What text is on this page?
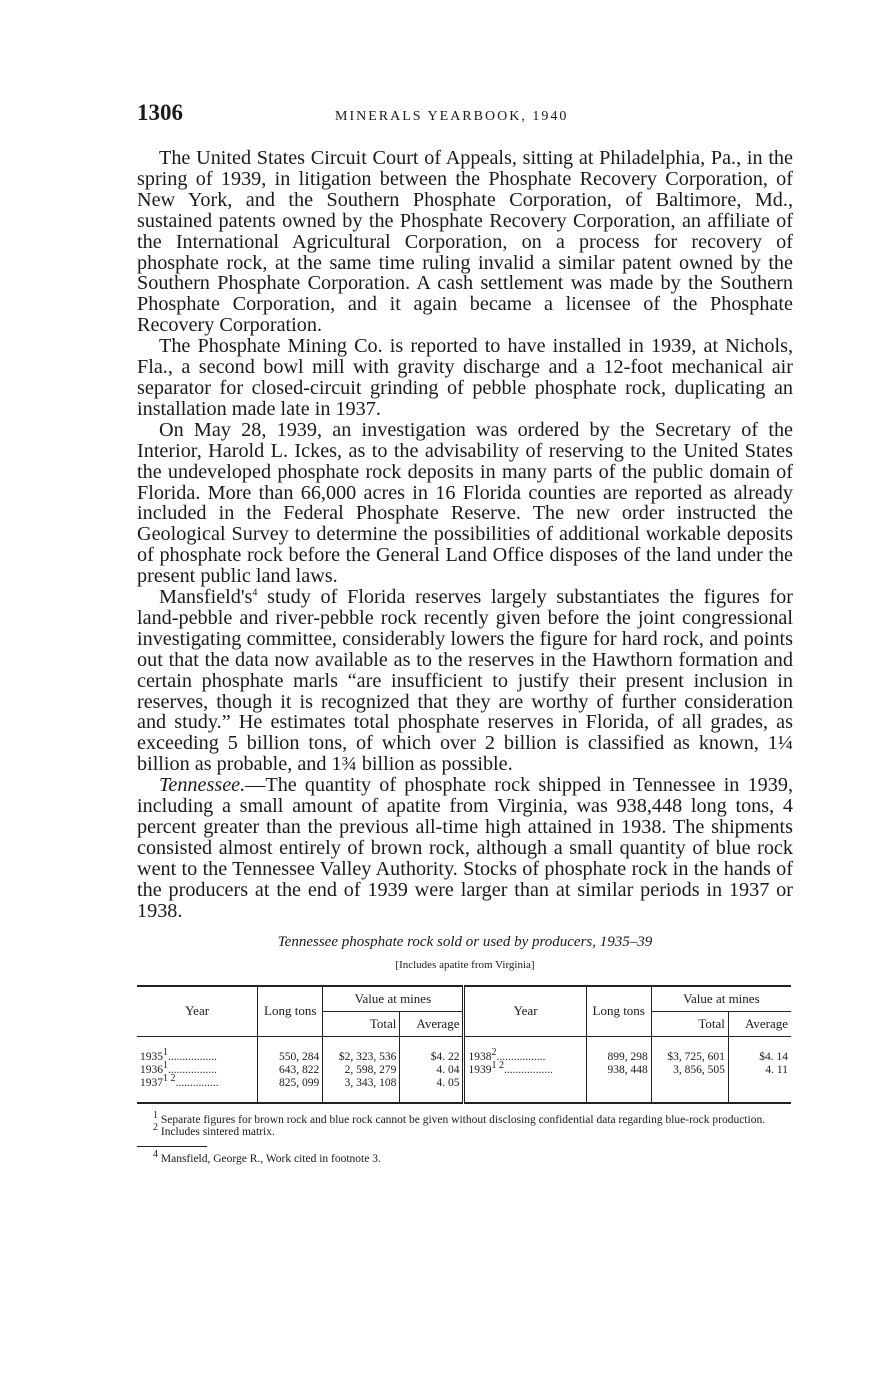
1306	MINERALS YEARBOOK, 1940

The United States Circuit Court of Appeals, sitting at Philadelphia, Pa., in the spring of 1939, in litigation between the Phosphate Recovery Corporation, of New York, and the Southern Phosphate Corporation, of Baltimore, Md., sustained patents owned by the Phosphate Recovery Corporation, an affiliate of the International Agricultural Corporation, on a process for recovery of phosphate rock, at the same time ruling invalid a similar patent owned by the Southern Phosphate Corporation. A cash settlement was made by the Southern Phosphate Corporation, and it again became a licensee of the Phosphate Recovery Corporation.

The Phosphate Mining Co. is reported to have installed in 1939, at Nichols, Fla., a second bowl mill with gravity discharge and a 12-foot mechanical air separator for closed-circuit grinding of pebble phosphate rock, duplicating an installation made late in 1937.

On May 28, 1939, an investigation was ordered by the Secretary of the Interior, Harold L. Ickes, as to the advisability of reserving to the United States the undeveloped phosphate rock deposits in many parts of the public domain of Florida. More than 66,000 acres in 16 Florida counties are reported as already included in the Federal Phosphate Reserve. The new order instructed the Geological Survey to determine the possibilities of additional workable deposits of phosphate rock before the General Land Office disposes of the land under the present public land laws.

$Mansfield's^4$ study of Florida reserves largely substantiates the figures for land-pebble and river-pebble rock recently given before the joint congressional investigating committee, considerably lowers the figure for hard rock, and points out that the data now available as to the reserves in the Hawthorn formation and certain phosphate marls “are insufficient to justify their present inclusion in reserves, though it is recognized that they are worthy of further consideration and study.” He estimates total phosphate reserves in Florida, of all grades, as exceeding 5 billion tons, of which over 2 billion is classified as known, 1¼ billion as probable, and 1¾ billion as possible.

Tennessee.—The quantity of phosphate rock shipped in Tennessee in 1939, including a small amount of apatite from Virginia, was 938,448 long tons, 4 percent greater than the previous all-time high attained in 1938. The shipments consisted almost entirely of brown rock, although a small quantity of blue rock went to the Tennessee Valley Authority. Stocks of phosphate rock in the hands of the producers at the end of 1939 were larger than at similar periods in 1937 or 1938.

Tennessee phosphate rock sold or used by producers, 1935–39
[Includes apatite from Virginia]
Year	Long tons	Value at mines		Year	Long tons	Value at mines	
		Total	Average			Total	Average
1935$^1$.................	550, 284	$2, 323, 536	$4. 22	1938$^2$.................	899, 298	$3, 725, 601	$4. 14
1936$^1$.................	643, 822	2, 598, 279	4. 04	$1939^{1 2}$.................	938, 448	3, 856, 505	4. 11
$1937^{1 2}$...............	825, 099	3, 343, 108	4. 05				

$^1$ Separate figures for brown rock and blue rock cannot be given without disclosing confidential data regarding blue-rock production.

$^2$ Includes sintered matrix.

$^4$ Mansfield, George R., Work cited in footnote 3.
